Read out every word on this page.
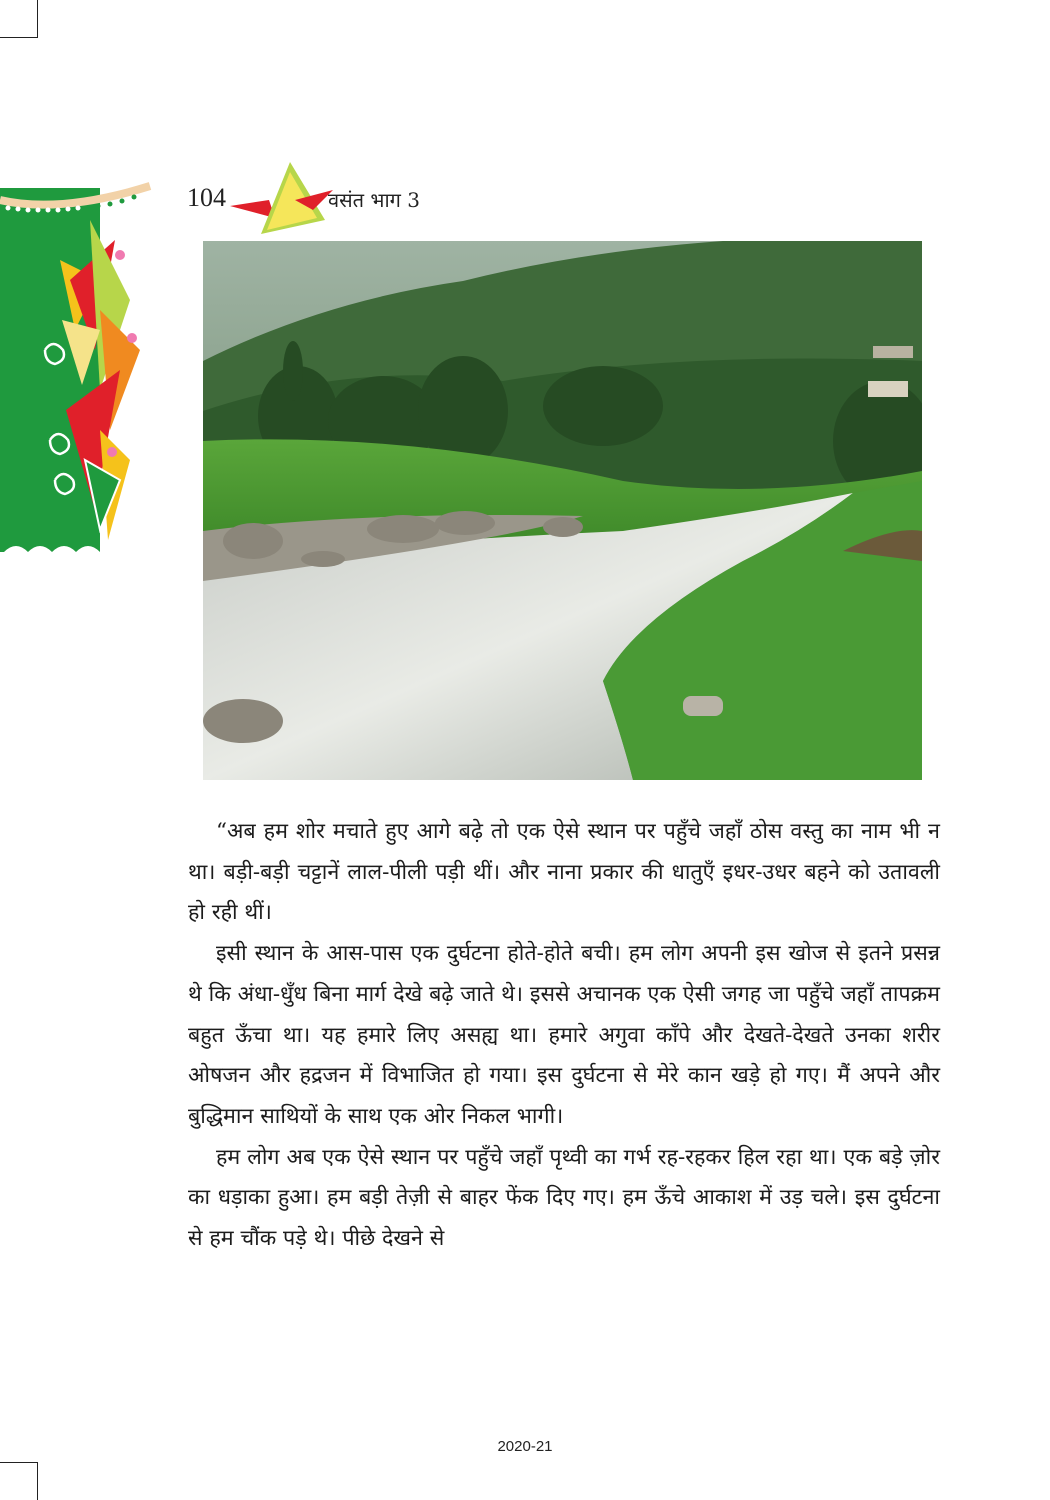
104	वसंत भाग 3

“अब हम शोर मचाते हुए आगे बढ़े तो एक ऐसे स्थान पर पहुँचे जहाँ ठोस वस्तु का नाम भी न था। बड़ी-बड़ी चट्टानें लाल-पीली पड़ी थीं। और नाना प्रकार की धातुएँ इधर-उधर बहने को उतावली हो रही थीं।

इसी स्थान के आस-पास एक दुर्घटना होते-होते बची। हम लोग अपनी इस खोज से इतने प्रसन्न थे कि अंधा-धुँध बिना मार्ग देखे बढ़े जाते थे। इससे अचानक एक ऐसी जगह जा पहुँचे जहाँ तापक्रम बहुत ऊँचा था। यह हमारे लिए असह्य था। हमारे अगुवा काँपे और देखते-देखते उनका शरीर ओषजन और हद्रजन में विभाजित हो गया। इस दुर्घटना से मेरे कान खड़े हो गए। मैं अपने और बुद्धिमान साथियों के साथ एक ओर निकल भागी।

हम लोग अब एक ऐसे स्थान पर पहुँचे जहाँ पृथ्वी का गर्भ रह-रहकर हिल रहा था। एक बड़े ज़ोर का धड़ाका हुआ। हम बड़ी तेज़ी से बाहर फेंक दिए गए। हम ऊँचे आकाश में उड़ चले। इस दुर्घटना से हम चौंक पड़े थे। पीछे देखने से

2020-21
